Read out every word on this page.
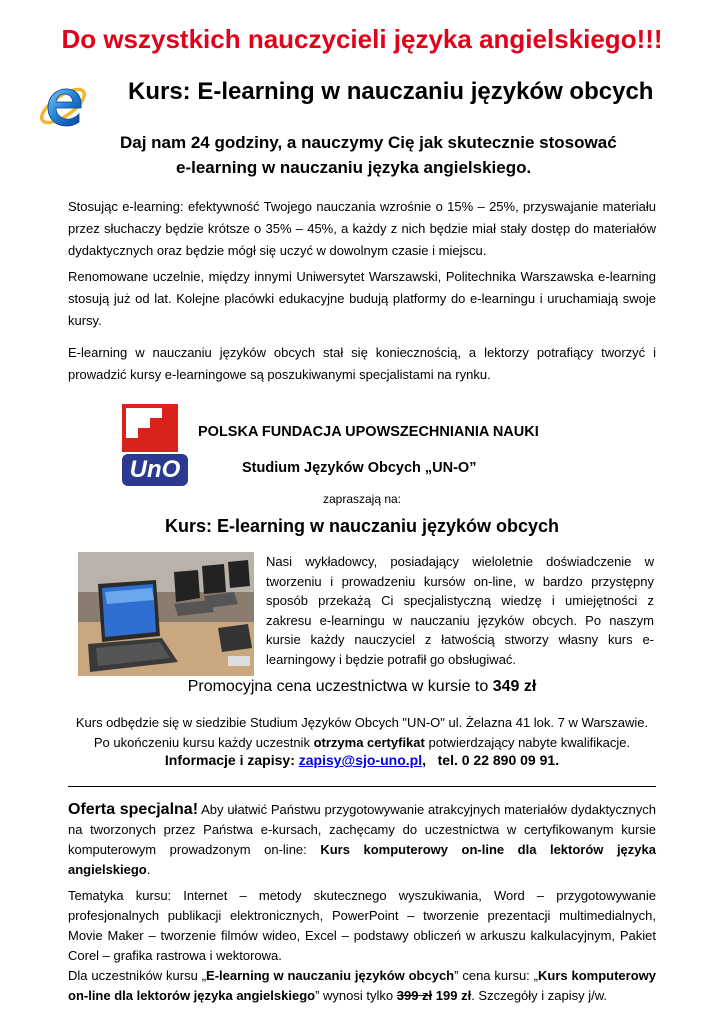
Do wszystkich nauczycieli języka angielskiego!!!
Kurs: E-learning w nauczaniu języków obcych
Daj nam 24 godziny, a nauczymy Cię jak skutecznie stosować
e-learning w nauczaniu języka angielskiego.

Stosując e-learning: efektywność Twojego nauczania wzrośnie o 15% – 25%, przyswajanie materiału przez słuchaczy będzie krótsze o 35% – 45%, a każdy z nich będzie miał stały dostęp do materiałów dydaktycznych oraz będzie mógł się uczyć w dowolnym czasie i miejscu.

Renomowane uczelnie, między innymi Uniwersytet Warszawski, Politechnika Warszawska e-learning stosują już od lat. Kolejne placówki edukacyjne budują platformy do e-learningu i uruchamiają swoje kursy.

E-learning w nauczaniu języków obcych stał się koniecznością, a lektorzy potrafiący tworzyć i prowadzić kursy e-learningowe są poszukiwanymi specjalistami na rynku.

UnO
POLSKA FUNDACJA UPOWSZECHNIANIA NAUKI
Studium Języków Obcych „UN-O”
zapraszają na:
Kurs: E-learning w nauczaniu języków obcych

Nasi wykładowcy, posiadający wieloletnie doświadczenie w tworzeniu i prowadzeniu kursów on-line, w bardzo przystępny sposób przekażą Ci specjalistyczną wiedzę i umiejętności z zakresu e-learningu w nauczaniu języków obcych. Po naszym kursie każdy nauczyciel z łatwością stworzy własny kurs e-learningowy i będzie potrafił go obsługiwać.

Promocyjna cena uczestnictwa w kursie to 349 zł
Kurs odbędzie się w siedzibie Studium Języków Obcych "UN-O" ul. Żelazna 41 lok. 7 w Warszawie.
Po ukończeniu kursu każdy uczestnik otrzyma certyfikat potwierdzający nabyte kwalifikacje.
Informacje i zapisy: zapisy@sjo-uno.pl, tel. 0 22 890 09 91.

Oferta specjalna! Aby ułatwić Państwu przygotowywanie atrakcyjnych materiałów dydaktycznych na tworzonych przez Państwa e-kursach, zachęcamy do uczestnictwa w certyfikowanym kursie komputerowym prowadzonym on-line: Kurs komputerowy on-line dla lektorów języka angielskiego.

Tematyka kursu: Internet – metody skutecznego wyszukiwania, Word – przygotowywanie profesjonalnych publikacji elektronicznych, PowerPoint – tworzenie prezentacji multimedialnych, Movie Maker – tworzenie filmów wideo, Excel – podstawy obliczeń w arkuszu kalkulacyjnym, Pakiet Corel – grafika rastrowa i wektorowa.

Dla uczestników kursu „E-learning w nauczaniu języków obcych” cena kursu: „Kurs komputerowy on-line dla lektorów języka angielskiego” wynosi tylko 399 zł 199 zł. Szczegóły i zapisy j/w.
